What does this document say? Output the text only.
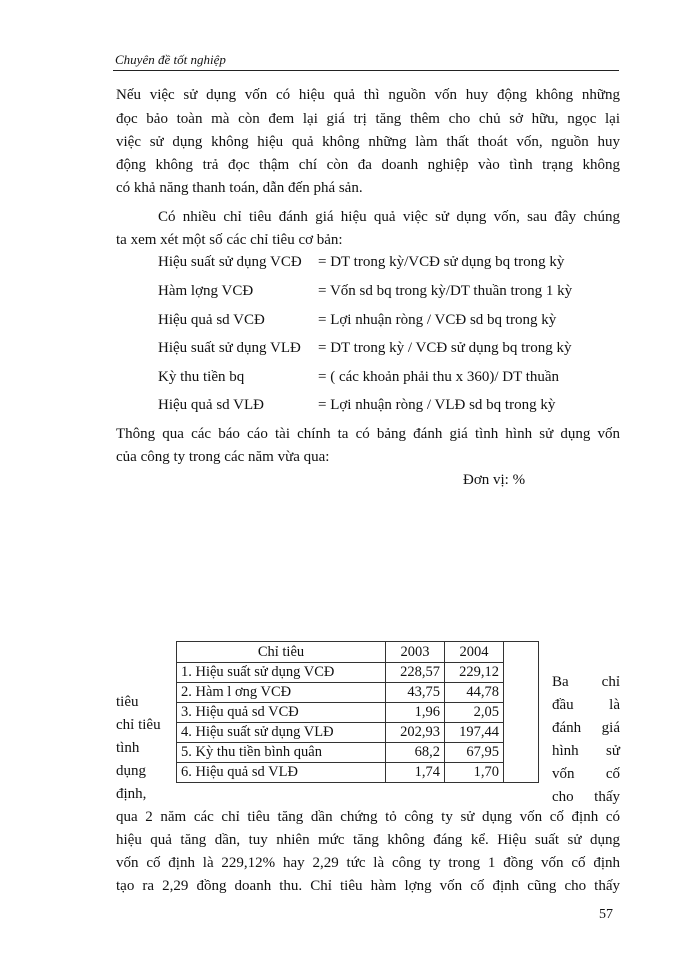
Chuyên đề tốt nghiệp
Nếu việc sử dụng vốn có hiệu quả thì nguồn vốn huy động không những
đọc bảo toàn mà còn đem lại giá trị tăng thêm cho chủ sở hữu, ngọc lại
việc sử dụng không hiệu quả không những làm thất thoát vốn, nguồn huy
động không trả đọc thậm chí còn đa doanh nghiệp vào tình trạng không
có khả năng thanh toán, dẫn đến phá sản.
Có nhiều chỉ tiêu đánh giá hiệu quả việc sử dụng vốn, sau đây chúng
ta xem xét một số các chỉ tiêu cơ bản:
Hiệu suất sử dụng VCĐ = DT trong kỳ/VCĐ sử dụng bq trong kỳ
Hàm lợng VCĐ	= Vốn sd bq trong kỳ/DT thuần trong 1 kỳ
Hiệu quả sd VCĐ	= Lợi nhuận ròng / VCĐ sd bq trong kỳ
Hiệu suất sử dụng VLĐ = DT trong kỳ / VCĐ sử dụng bq trong kỳ
Kỳ thu tiền bq	= ( các khoản phải thu x 360)/ DT thuần
Hiệu quả sd VLĐ	= Lợi nhuận ròng / VLĐ sd bq trong kỳ
Thông qua các báo cáo tài chính ta có bảng đánh giá tình hình sử dụng vốn
của công ty trong các năm vừa qua:
Đơn vị: %
Chỉ tiêu	2003	2004	
1. Hiệu suất sử dụng VCĐ	228,57	229,12	
2. Hàm l ơng VCĐ	43,75	44,78	
3. Hiệu quả sd VCĐ	1,96	2,05	
4. Hiệu suất sử dụng VLĐ	202,93	197,44	
5. Kỳ thu tiền bình quân	68,2	67,95	
6. Hiệu quả sd VLĐ	1,74	1,70	
tiêu
chỉ tiêu
tình
dụng
định,
Ba chỉ
đầu là
đánh giá
hình sử
vốn cố
cho thấy
qua 2 năm các chỉ tiêu tăng dần chứng tỏ công ty sử dụng vốn cố định có
hiệu quả tăng dần, tuy nhiên mức tăng không đáng kể. Hiệu suất sử dụng
vốn cố định là 229,12% hay 2,29 tức là công ty trong 1 đồng vốn cố định
tạo ra 2,29 đồng doanh thu. Chỉ tiêu hàm lợng vốn cố định cũng cho thấy
57
